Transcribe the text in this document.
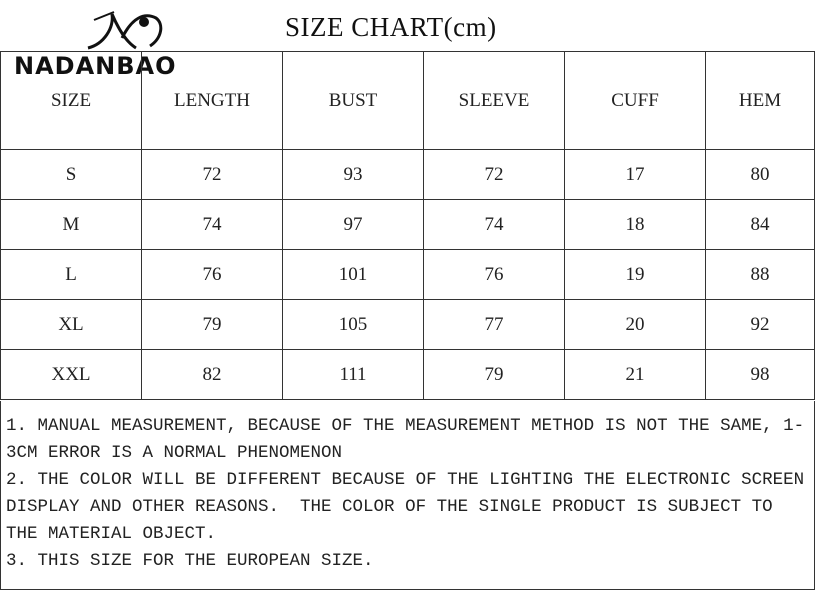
NADANBAO
SIZE CHART(cm)
SIZE	LENGTH	BUST	SLEEVE	CUFF	HEM
S	72	93	72	17	80
M	74	97	74	18	84
L	76	101	76	19	88
XL	79	105	77	20	92
XXL	82	111	79	21	98

1. MANUAL MEASUREMENT, BECAUSE OF THE MEASUREMENT METHOD IS NOT THE SAME, 1-3CM ERROR IS A NORMAL PHENOMENON

2. THE COLOR WILL BE DIFFERENT BECAUSE OF THE LIGHTING THE ELECTRONIC SCREEN DISPLAY AND OTHER REASONS.  THE COLOR OF THE SINGLE PRODUCT IS SUBJECT TO THE MATERIAL OBJECT.

3. THIS SIZE FOR THE EUROPEAN SIZE.
